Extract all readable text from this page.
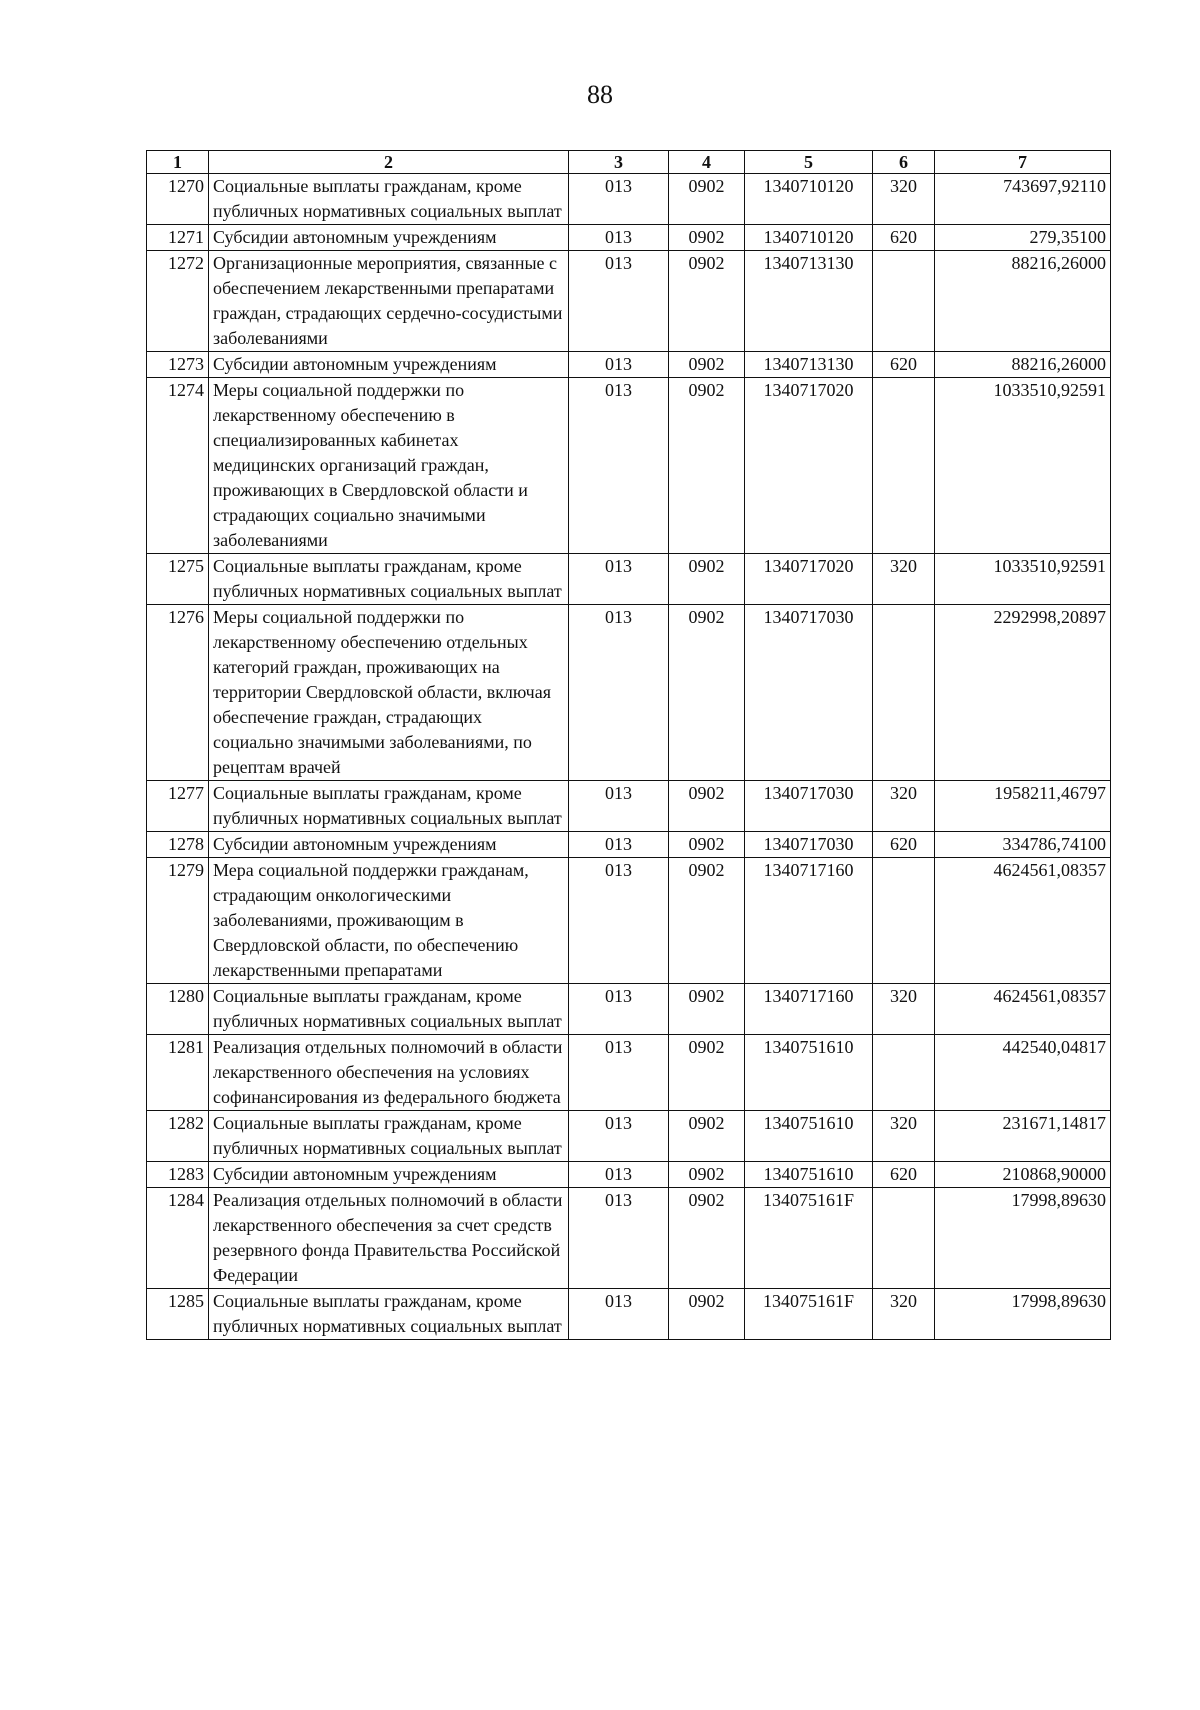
88
1	2	3	4	5	6	7
1270	Социальные выплаты гражданам, кроме публичных нормативных социальных выплат	013	0902	1340710120	320	743697,92110
1271	Субсидии автономным учреждениям	013	0902	1340710120	620	279,35100
1272	Организационные мероприятия, связанные с обеспечением лекарственными препаратами граждан, страдающих сердечно-сосудистыми заболеваниями	013	0902	1340713130		88216,26000
1273	Субсидии автономным учреждениям	013	0902	1340713130	620	88216,26000
1274	Меры социальной поддержки по лекарственному обеспечению в специализированных кабинетах медицинских организаций граждан, проживающих в Свердловской области и страдающих социально значимыми заболеваниями	013	0902	1340717020		1033510,92591
1275	Социальные выплаты гражданам, кроме публичных нормативных социальных выплат	013	0902	1340717020	320	1033510,92591
1276	Меры социальной поддержки по лекарственному обеспечению отдельных категорий граждан, проживающих на территории Свердловской области, включая обеспечение граждан, страдающих социально значимыми заболеваниями, по рецептам врачей	013	0902	1340717030		2292998,20897
1277	Социальные выплаты гражданам, кроме публичных нормативных социальных выплат	013	0902	1340717030	320	1958211,46797
1278	Субсидии автономным учреждениям	013	0902	1340717030	620	334786,74100
1279	Мера социальной поддержки гражданам, страдающим онкологическими заболеваниями, проживающим в Свердловской области, по обеспечению лекарственными препаратами	013	0902	1340717160		4624561,08357
1280	Социальные выплаты гражданам, кроме публичных нормативных социальных выплат	013	0902	1340717160	320	4624561,08357
1281	Реализация отдельных полномочий в области лекарственного обеспечения на условиях софинансирования из федерального бюджета	013	0902	1340751610		442540,04817
1282	Социальные выплаты гражданам, кроме публичных нормативных социальных выплат	013	0902	1340751610	320	231671,14817
1283	Субсидии автономным учреждениям	013	0902	1340751610	620	210868,90000
1284	Реализация отдельных полномочий в области лекарственного обеспечения за счет средств резервного фонда Правительства Российской Федерации	013	0902	134075161F		17998,89630
1285	Социальные выплаты гражданам, кроме публичных нормативных социальных выплат	013	0902	134075161F	320	17998,89630
